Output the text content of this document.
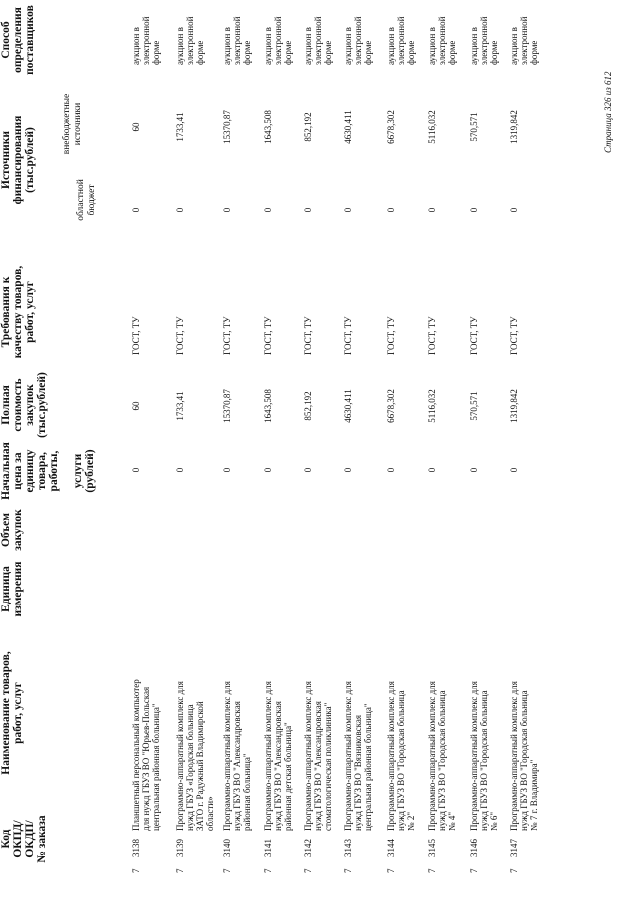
Код ОКПД/ ОКДП/ № заказа
Наименование товаров, работ, услуг
Единица измерения
Объем закупок
Начальная цена за единицу товара, работы, услуги (рублей)
Полная стоимость закупок (тыс.рублей)
Требования к качеству товаров, работ, услуг
Источники финансирования (тыс.рублей)
областной
бюджет
внебюджетные
источники
Способ определения поставщиков
7
3138
Планшетный персональный компьютер для нужд ГБУЗ ВО "Юрьев-Польская центральная районная больница"
0
60
ГОСТ, ТУ
0
60
аукцион в электронной форме
7
3139
Программно-аппаратный комплекс для нужд ГБУЗ «Городская больница ЗАТО г. Радужный Владимирской области»
0
1733,41
ГОСТ, ТУ
0
1733,41
аукцион в электронной форме
7
3140
Программно-аппаратный комплекс для нужд ГБУЗ ВО "Александровская районная больница"
0
15370,87
ГОСТ, ТУ
0
15370,87
аукцион в электронной форме
7
3141
Программно-аппаратный комплекс для нужд ГБУЗ ВО "Александровская районная детская больница"
0
1643,508
ГОСТ, ТУ
0
1643,508
аукцион в электронной форме
7
3142
Программно-аппаратный комплекс для нужд ГБУЗ ВО "Александровская стоматологическая поликлиника"
0
852,192
ГОСТ, ТУ
0
852,192
аукцион в электронной форме
7
3143
Программно-аппаратный комплекс для нужд ГБУЗ ВО "Вязниковская центральная районная больница"
0
4630,411
ГОСТ, ТУ
0
4630,411
аукцион в электронной форме
7
3144
Программно-аппаратный комплекс для нужд ГБУЗ ВО "Городская больница № 2"
0
6678,302
ГОСТ, ТУ
0
6678,302
аукцион в электронной форме
7
3145
Программно-аппаратный комплекс для нужд ГБУЗ ВО "Городская больница № 4"
0
5116,032
ГОСТ, ТУ
0
5116,032
аукцион в электронной форме
7
3146
Программно-аппаратный комплекс для нужд ГБУЗ ВО "Городская больница № 6"
0
570,571
ГОСТ, ТУ
0
570,571
аукцион в электронной форме
7
3147
Программно-аппаратный комплекс для нужд ГБУЗ ВО "Городская больница № 7 г. Владимира"
0
1319,842
ГОСТ, ТУ
0
1319,842
аукцион в электронной форме
Страница 326 из 612
